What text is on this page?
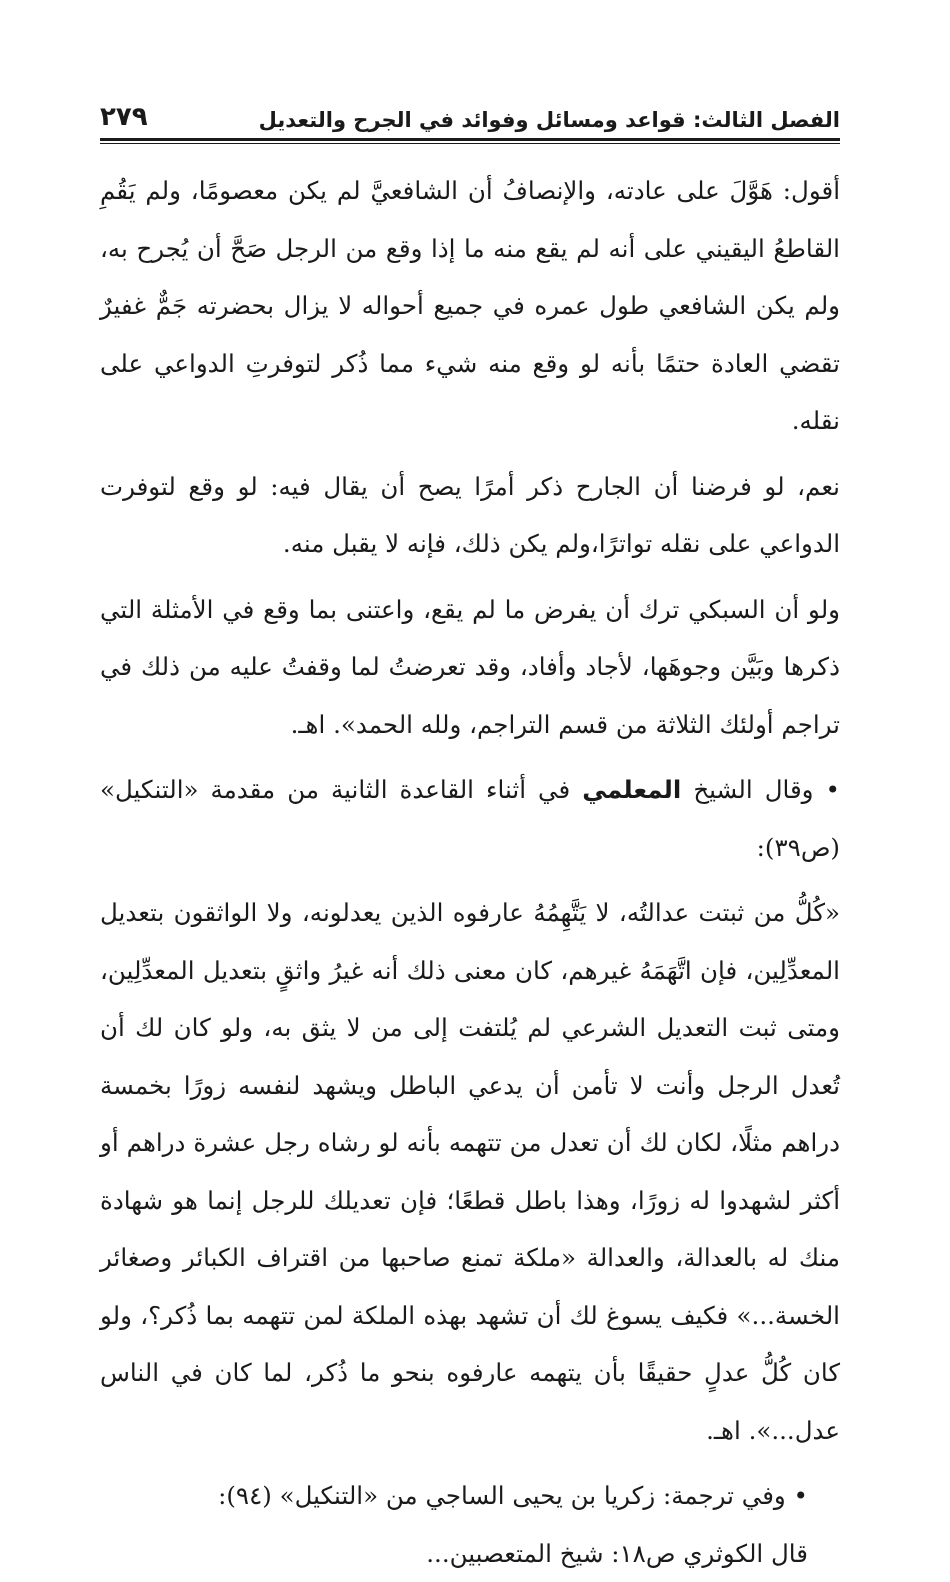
الفصل الثالث: قواعد ومسائل وفوائد في الجرح والتعديل
٢٧٩

أقول: هَوَّلَ على عادته، والإنصافُ أن الشافعيَّ لم يكن معصومًا، ولم يَقُمِ القاطعُ اليقيني على أنه لم يقع منه ما إذا وقع من الرجل صَحَّ أن يُجرح به، ولم يكن الشافعي طول عمره في جميع أحواله لا يزال بحضرته جَمٌّ غفيرٌ تقضي العادة حتمًا بأنه لو وقع منه شيء مما ذُكر لتوفرتِ الدواعي على نقله.

نعم، لو فرضنا أن الجارح ذكر أمرًا يصح أن يقال فيه: لو وقع لتوفرت الدواعي على نقله تواترًا،ولم يكن ذلك، فإنه لا يقبل منه.

ولو أن السبكي ترك أن يفرض ما لم يقع، واعتنى بما وقع في الأمثلة التي ذكرها وبَيَّن وجوهَها، لأجاد وأفاد، وقد تعرضتُ لما وقفتُ عليه من ذلك في تراجم أولئك الثلاثة من قسم التراجم، ولله الحمد». اهـ.

• وقال الشيخ المعلمي في أثناء القاعدة الثانية من مقدمة «التنكيل» (ص٣٩):

«كُلُّ من ثبتت عدالتُه، لا يَتَّهِمُهُ عارفوه الذين يعدلونه، ولا الواثقون بتعديل المعدِّلِين، فإن اتَّهَمَهُ غيرهم، كان معنى ذلك أنه غيرُ واثقٍ بتعديل المعدِّلِين، ومتى ثبت التعديل الشرعي لم يُلتفت إلى من لا يثق به، ولو كان لك أن تُعدل الرجل وأنت لا تأمن أن يدعي الباطل ويشهد لنفسه زورًا بخمسة دراهم مثلًا، لكان لك أن تعدل من تتهمه بأنه لو رشاه رجل عشرة دراهم أو أكثر لشهدوا له زورًا، وهذا باطل قطعًا؛ فإن تعديلك للرجل إنما هو شهادة منك له بالعدالة، والعدالة «ملكة تمنع صاحبها من اقتراف الكبائر وصغائر الخسة...» فكيف يسوغ لك أن تشهد بهذه الملكة لمن تتهمه بما ذُكر؟، ولو كان كُلُّ عدلٍ حقيقًا بأن يتهمه عارفوه بنحو ما ذُكر، لما كان في الناس عدل...». اهـ.

• وفي ترجمة: زكريا بن يحيى الساجي من «التنكيل» (٩٤):

قال الكوثري ص١٨: شيخ المتعصبين...
